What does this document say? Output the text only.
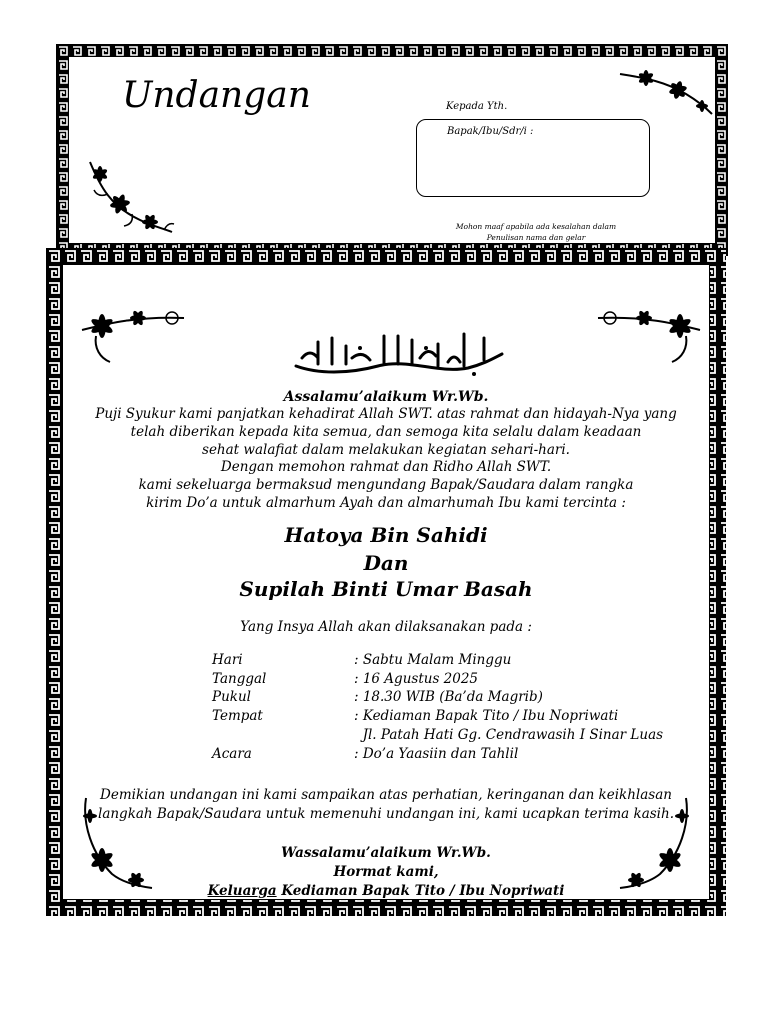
Undangan	Kepada Yth.
Bapak/Ibu/Sdr/i :
Mohon maaf apabila ada kesalahan dalam
Penulisan nama dan gelar
Assalamu’alaikum Wr.Wb.
Puji Syukur kami panjatkan kehadirat Allah SWT. atas rahmat dan hidayah-Nya yang
telah diberikan kepada kita semua, dan semoga kita selalu dalam keadaan
sehat walafiat dalam melakukan kegiatan sehari-hari.
Dengan memohon rahmat dan Ridho Allah SWT.
kami sekeluarga bermaksud mengundang Bapak/Saudara dalam rangka
kirim Do’a untuk almarhum Ayah dan almarhumah Ibu kami tercinta :
Hatoya Bin Sahidi
Dan
Supilah Binti Umar Basah
Yang Insya Allah akan dilaksanakan pada :
Hari	: Sabtu Malam Minggu
Tanggal	: 16 Agustus 2025
Pukul	: 18.30 WIB (Ba’da Magrib)
Tempat	: Kediaman Bapak Tito / Ibu Nopriwati
Jl. Patah Hati Gg. Cendrawasih I Sinar Luas
Acara	: Do’a Yaasiin dan Tahlil
Demikian undangan ini kami sampaikan atas perhatian, keringanan dan keikhlasan
langkah Bapak/Saudara untuk memenuhi undangan ini, kami ucapkan terima kasih.
Wassalamu’alaikum Wr.Wb.
Hormat kami,
Keluarga Kediaman Bapak Tito / Ibu Nopriwati
